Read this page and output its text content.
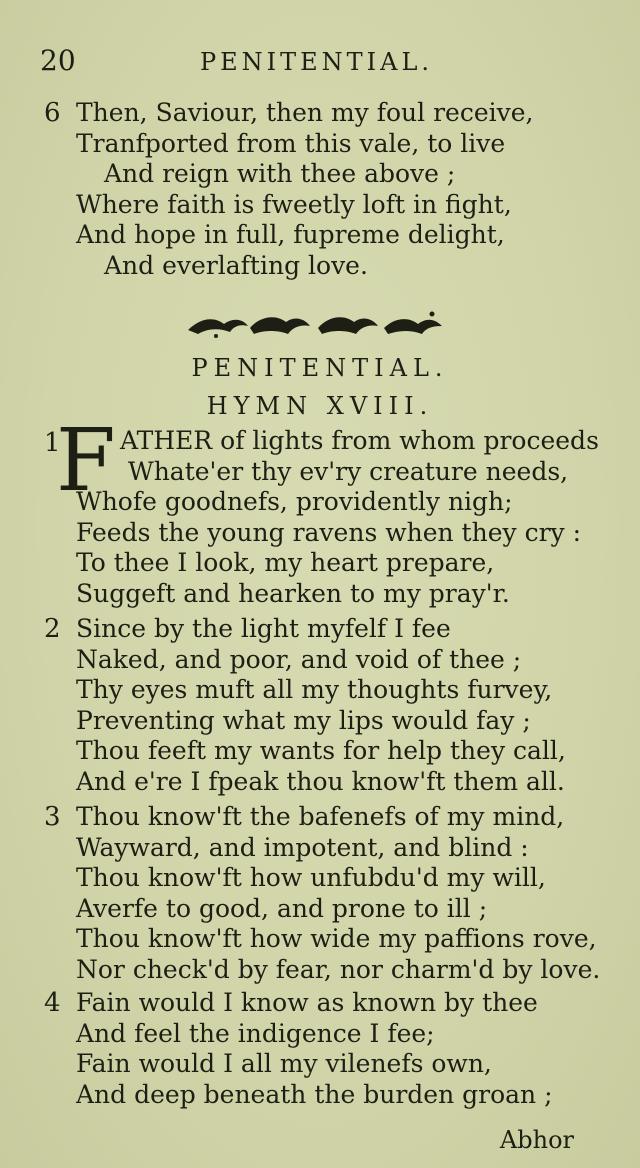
20	PENITENTIAL.
6 Then, Saviour, then my foul receive,
Tranfported from this vale, to live
And reign with thee above ;
Where faith is fweetly loft in fight,
And hope in full, fupreme delight,
And everlafting love.
PENITENTIAL.
HYMN XVIII.
1
F ATHER of lights from whom proceeds
Whate'er thy ev'ry creature needs,
Whofe goodnefs, providently nigh;
Feeds the young ravens when they cry :
To thee I look, my heart prepare,
Suggeft and hearken to my pray'r.
2 Since by the light myfelf I fee
Naked, and poor, and void of thee ;
Thy eyes muft all my thoughts furvey,
Preventing what my lips would fay ;
Thou feeft my wants for help they call,
And e're I fpeak thou know'ft them all.
3 Thou know'ft the bafenefs of my mind,
Wayward, and impotent, and blind :
Thou know'ft how unfubdu'd my will,
Averfe to good, and prone to ill ;
Thou know'ft how wide my paffions rove,
Nor check'd by fear, nor charm'd by love.
4 Fain would I know as known by thee
And feel the indigence I fee;
Fain would I all my vilenefs own,
And deep beneath the burden groan ;
Abhor
